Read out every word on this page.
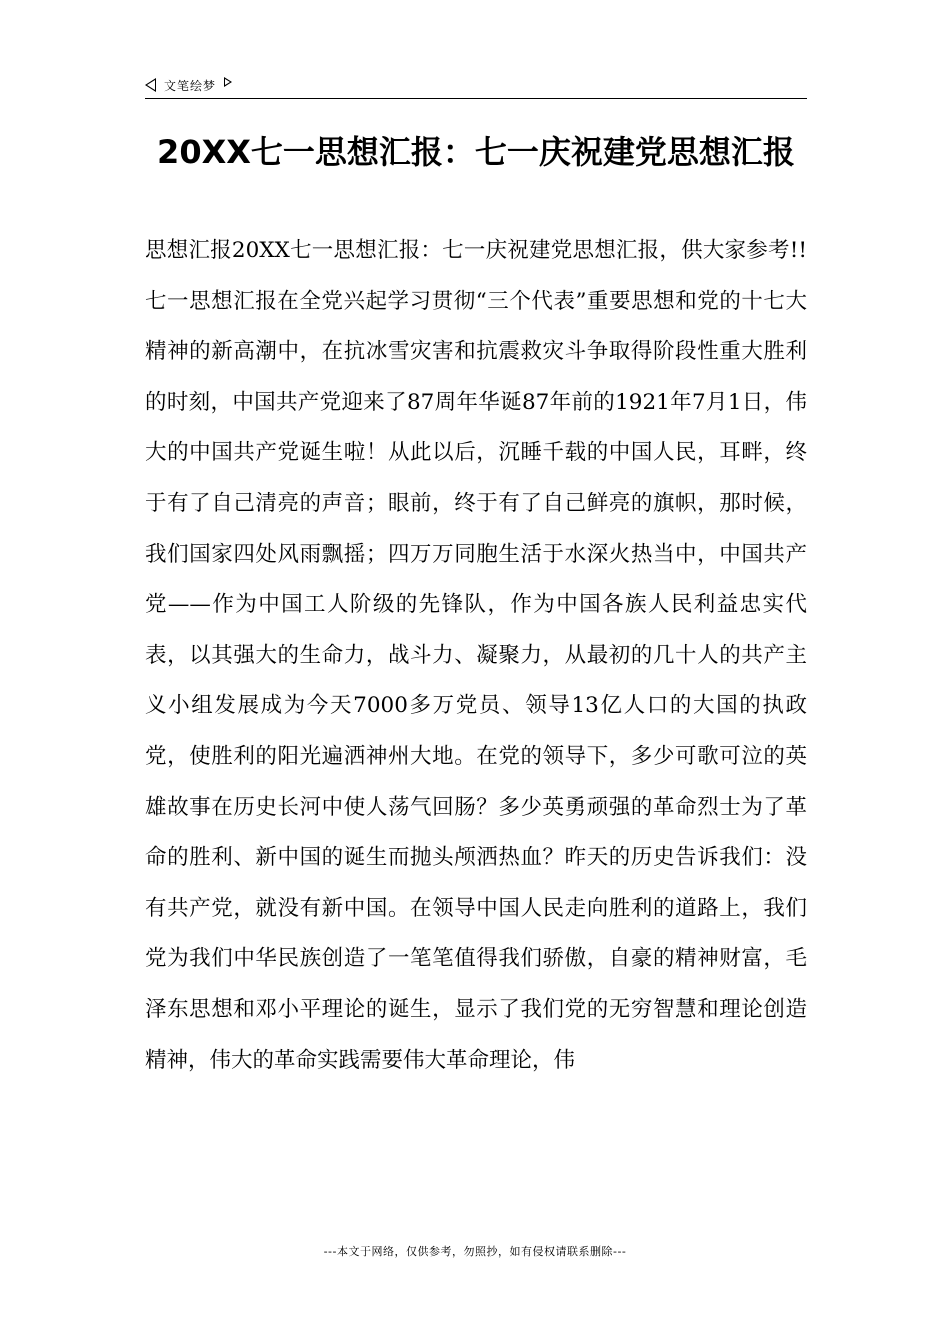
文笔绘梦
20XX七一思想汇报：七一庆祝建党思想汇报

思想汇报20XX七一思想汇报：七一庆祝建党思想汇报，供大家参考!!七一思想汇报在全党兴起学习贯彻“三个代表”重要思想和党的十七大精神的新高潮中，在抗冰雪灾害和抗震救灾斗争取得阶段性重大胜利的时刻，中国共产党迎来了87周年华诞87年前的1921年7月1日，伟大的中国共产党诞生啦！从此以后，沉睡千载的中国人民，耳畔，终于有了自己清亮的声音；眼前，终于有了自己鲜亮的旗帜，那时候，我们国家四处风雨飘摇；四万万同胞生活于水深火热当中，中国共产党——作为中国工人阶级的先锋队，作为中国各族人民利益忠实代表，以其强大的生命力，战斗力、凝聚力，从最初的几十人的共产主义小组发展成为今天7000多万党员、领导13亿人口的大国的执政党，使胜利的阳光遍洒神州大地。在党的领导下，多少可歌可泣的英雄故事在历史长河中使人荡气回肠？多少英勇顽强的革命烈士为了革命的胜利、新中国的诞生而抛头颅洒热血？昨天的历史告诉我们：没有共产党，就没有新中国。在领导中国人民走向胜利的道路上，我们党为我们中华民族创造了一笔笔值得我们骄傲，自豪的精神财富，毛泽东思想和邓小平理论的诞生，显示了我们党的无穷智慧和理论创造精神，伟大的革命实践需要伟大革命理论，伟

---本文于网络，仅供参考，勿照抄，如有侵权请联系删除---
